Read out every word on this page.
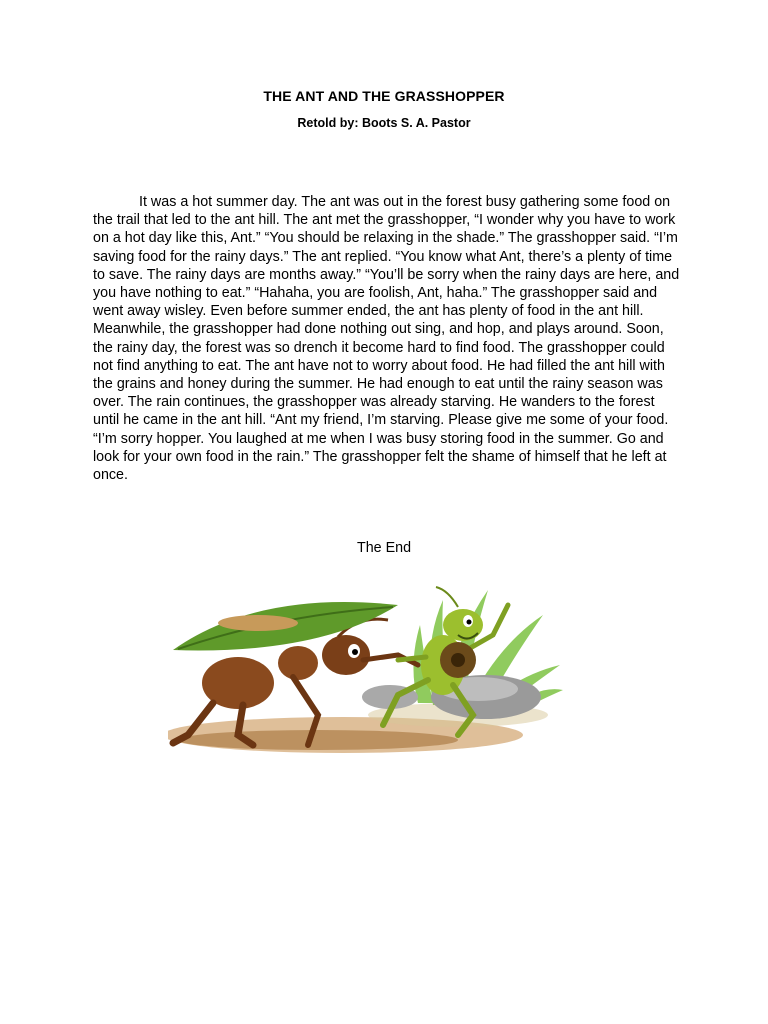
THE ANT AND THE GRASSHOPPER
Retold by: Boots S. A. Pastor

It was a hot summer day. The ant was out in the forest busy gathering some food on the trail that led to the ant hill. The ant met the grasshopper, “I wonder why you have to work on a hot day like this, Ant.” “You should be relaxing in the shade.” The grasshopper said. “I’m saving food for the rainy days.” The ant replied. “You know what Ant, there’s a plenty of time to save. The rainy days are months away.” “You’ll be sorry when the rainy days are here, and you have nothing to eat.” “Hahaha, you are foolish, Ant, haha.” The grasshopper said and went away wisley. Even before summer ended, the ant has plenty of food in the ant hill. Meanwhile, the grasshopper had done nothing out sing, and hop, and plays around. Soon, the rainy day, the forest was so drench it become hard to find food. The grasshopper could not find anything to eat. The ant have not to worry about food. He had filled the ant hill with the grains and honey during the summer. He had enough to eat until the rainy season was over. The rain continues, the grasshopper was already starving. He wanders to the forest until he came in the ant hill. “Ant my friend, I’m starving. Please give me some of your food. “I’m sorry hopper. You laughed at me when I was busy storing food in the summer. Go and look for your own food in the rain.” The grasshopper felt the shame of himself that he left at once.

The End
